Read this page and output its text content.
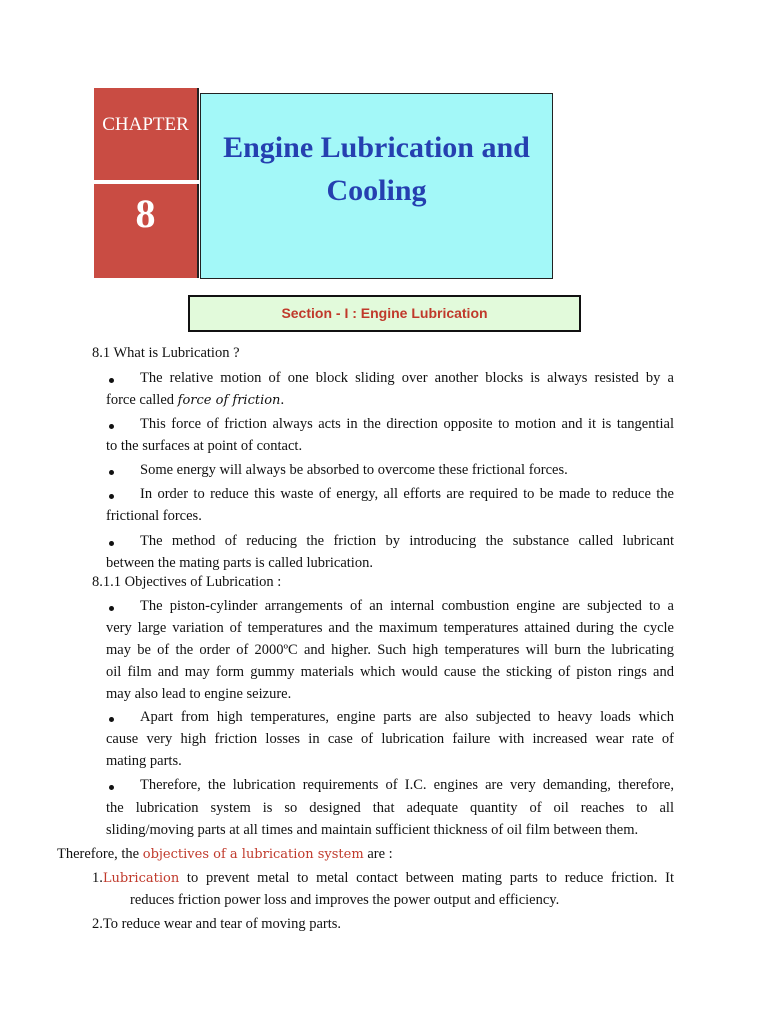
CHAPTER
8
Engine Lubrication and
Cooling
Section - I : Engine Lubrication
8.1 What is Lubrication ?
The relative motion of one block sliding over another blocks is always resisted by a
force called force of friction.
This force of friction always acts in the direction opposite to motion and it is tangential
to the surfaces at point of contact.
Some energy will always be absorbed to overcome these frictional forces.
In order to reduce this waste of energy, all efforts are required to be made to reduce the
frictional forces.
The method of reducing the friction by introducing the substance called lubricant
between the mating parts is called lubrication.
8.1.1 Objectives of Lubrication :
The piston-cylinder arrangements of an internal combustion engine are subjected to a
very large variation of temperatures and the maximum temperatures attained during the cycle
may be of the order of 2000ºC and higher. Such high temperatures will burn the lubricating
oil film and may form gummy materials which would cause the sticking of piston rings and
may also lead to engine seizure.
Apart from high temperatures, engine parts are also subjected to heavy loads which
cause very high friction losses in case of lubrication failure with increased wear rate of
mating parts.
Therefore, the lubrication requirements of I.C. engines are very demanding, therefore,
the lubrication system is so designed that adequate quantity of oil reaches to all
sliding/moving parts at all times and maintain sufficient thickness of oil film between them.
Therefore, the objectives of a lubrication system are :
1.Lubrication to prevent metal to metal contact between mating parts to reduce friction. It
reduces friction power loss and improves the power output and efficiency.
2.To reduce wear and tear of moving parts.
